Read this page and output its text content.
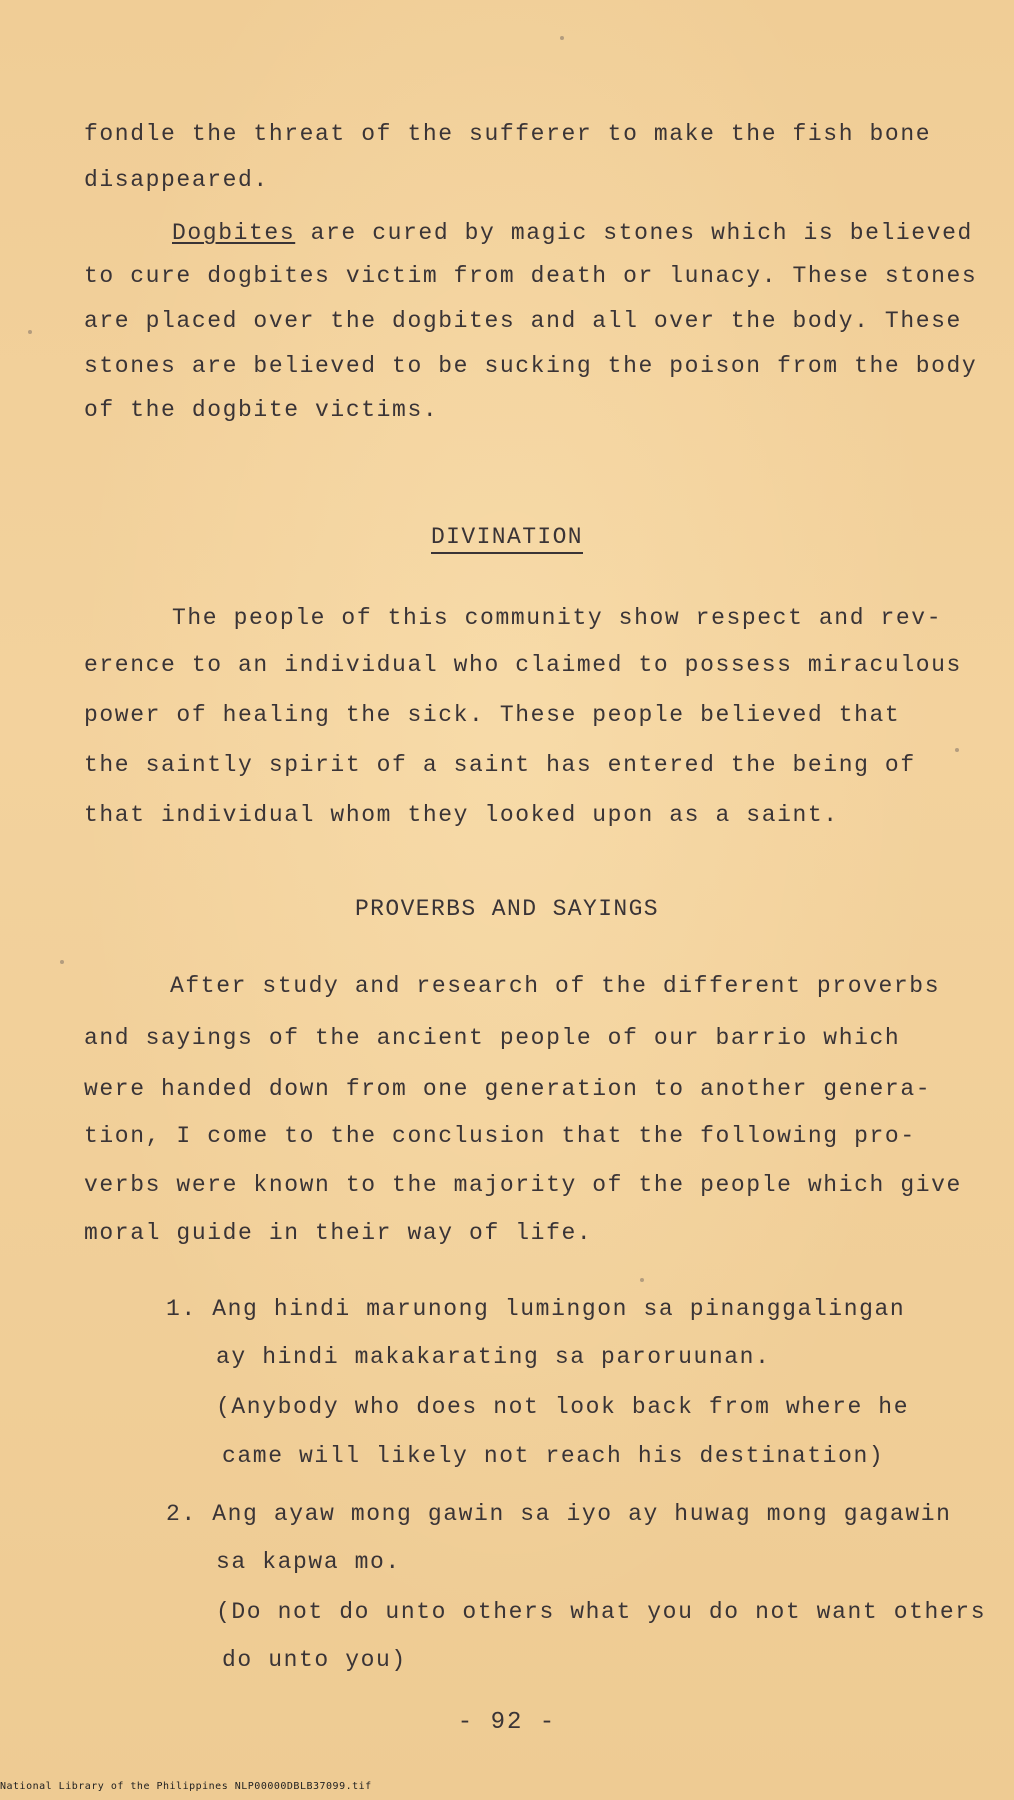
fondle the threat of the sufferer to make the fish bone
disappeared.
Dogbites are cured by magic stones which is believed
to cure dogbites victim from death or lunacy. These stones
are placed over the dogbites and all over the body. These
stones are believed to be sucking the poison from the body
of the dogbite victims.
DIVINATION
The people of this community show respect and rev-
erence to an individual who claimed to possess miraculous
power of healing the sick. These people believed that
the saintly spirit of a saint has entered the being of
that individual whom they looked upon as a saint.
PROVERBS AND SAYINGS
After study and research of the different proverbs
and sayings of the ancient people of our barrio which
were handed down from one generation to another genera-
tion, I come to the conclusion that the following pro-
verbs were known to the majority of the people which give
moral guide in their way of life.
1. Ang hindi marunong lumingon sa pinanggalingan
ay hindi makakarating sa paroruunan.
(Anybody who does not look back from where he
came will likely not reach his destination)
2. Ang ayaw mong gawin sa iyo ay huwag mong gagawin
sa kapwa mo.
(Do not do unto others what you do not want others
do unto you)
- 92 -
National Library of the Philippines NLP00000DBLB37099.tif
